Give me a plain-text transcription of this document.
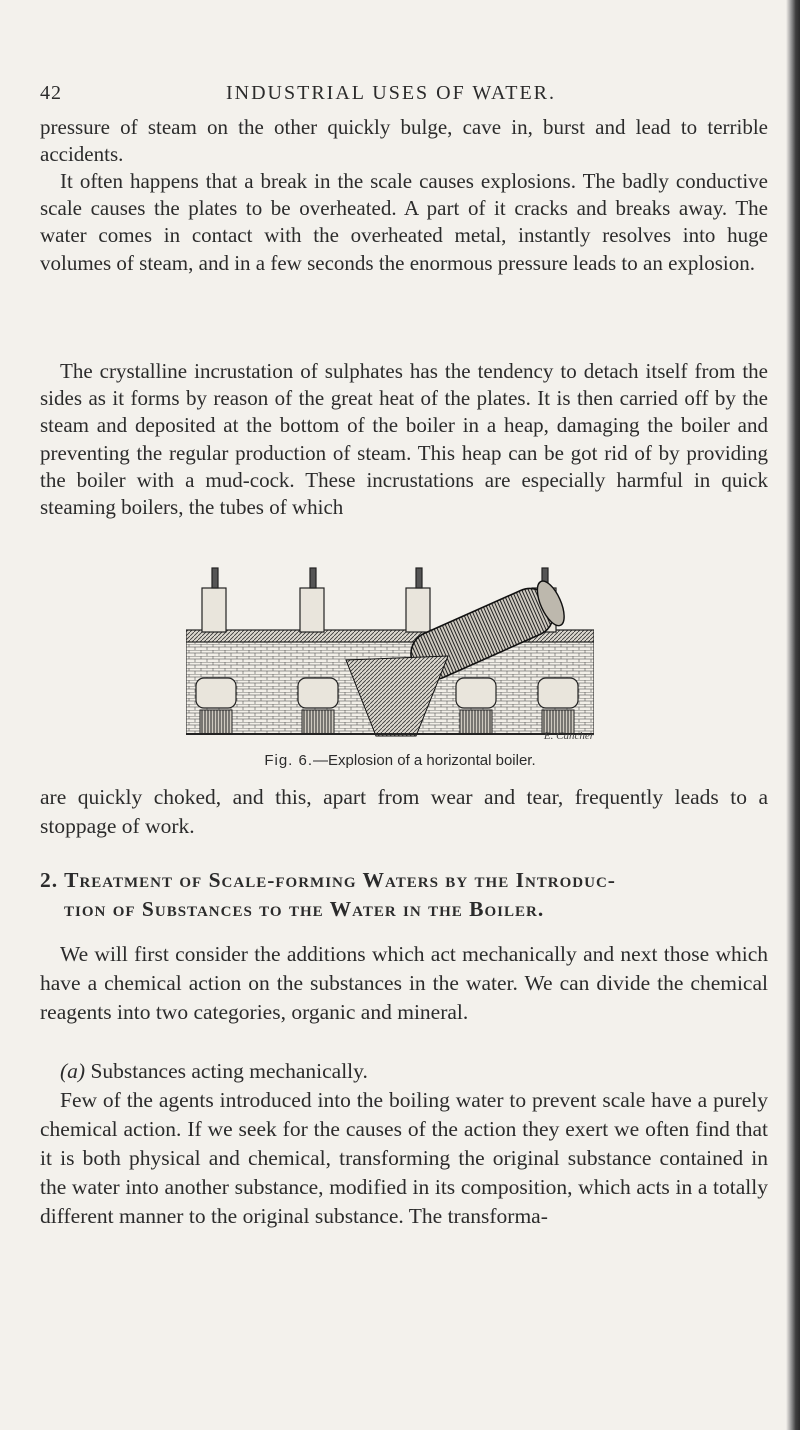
42	INDUSTRIAL USES OF WATER.

pressure of steam on the other quickly bulge, cave in, burst and lead to terrible accidents.

It often happens that a break in the scale causes explosions. The badly conductive scale causes the plates to be overheated. A part of it cracks and breaks away. The water comes in contact with the overheated metal, instantly resolves into huge volumes of steam, and in a few seconds the enormous pressure leads to an explosion.

The crystalline incrustation of sulphates has the tendency to detach itself from the sides as it forms by reason of the great heat of the plates. It is then carried off by the steam and deposited at the bottom of the boiler in a heap, damaging the boiler and preventing the regular production of steam. This heap can be got rid of by providing the boiler with a mud-cock. These incrustations are especially harmful in quick steaming boilers, the tubes of which

E. Cancher
Fig. 6.—Explosion of a horizontal boiler.

are quickly choked, and this, apart from wear and tear, frequently leads to a stoppage of work.

2. Treatment of Scale-forming Waters by the Introduc-
tion of Substances to the Water in the Boiler.

We will first consider the additions which act mechanically and next those which have a chemical action on the substances in the water. We can divide the chemical reagents into two categories, organic and mineral.

(a) Substances acting mechanically.

Few of the agents introduced into the boiling water to prevent scale have a purely chemical action. If we seek for the causes of the action they exert we often find that it is both physical and chemical, transforming the original substance contained in the water into another substance, modified in its composition, which acts in a totally different manner to the original substance. The transforma-
